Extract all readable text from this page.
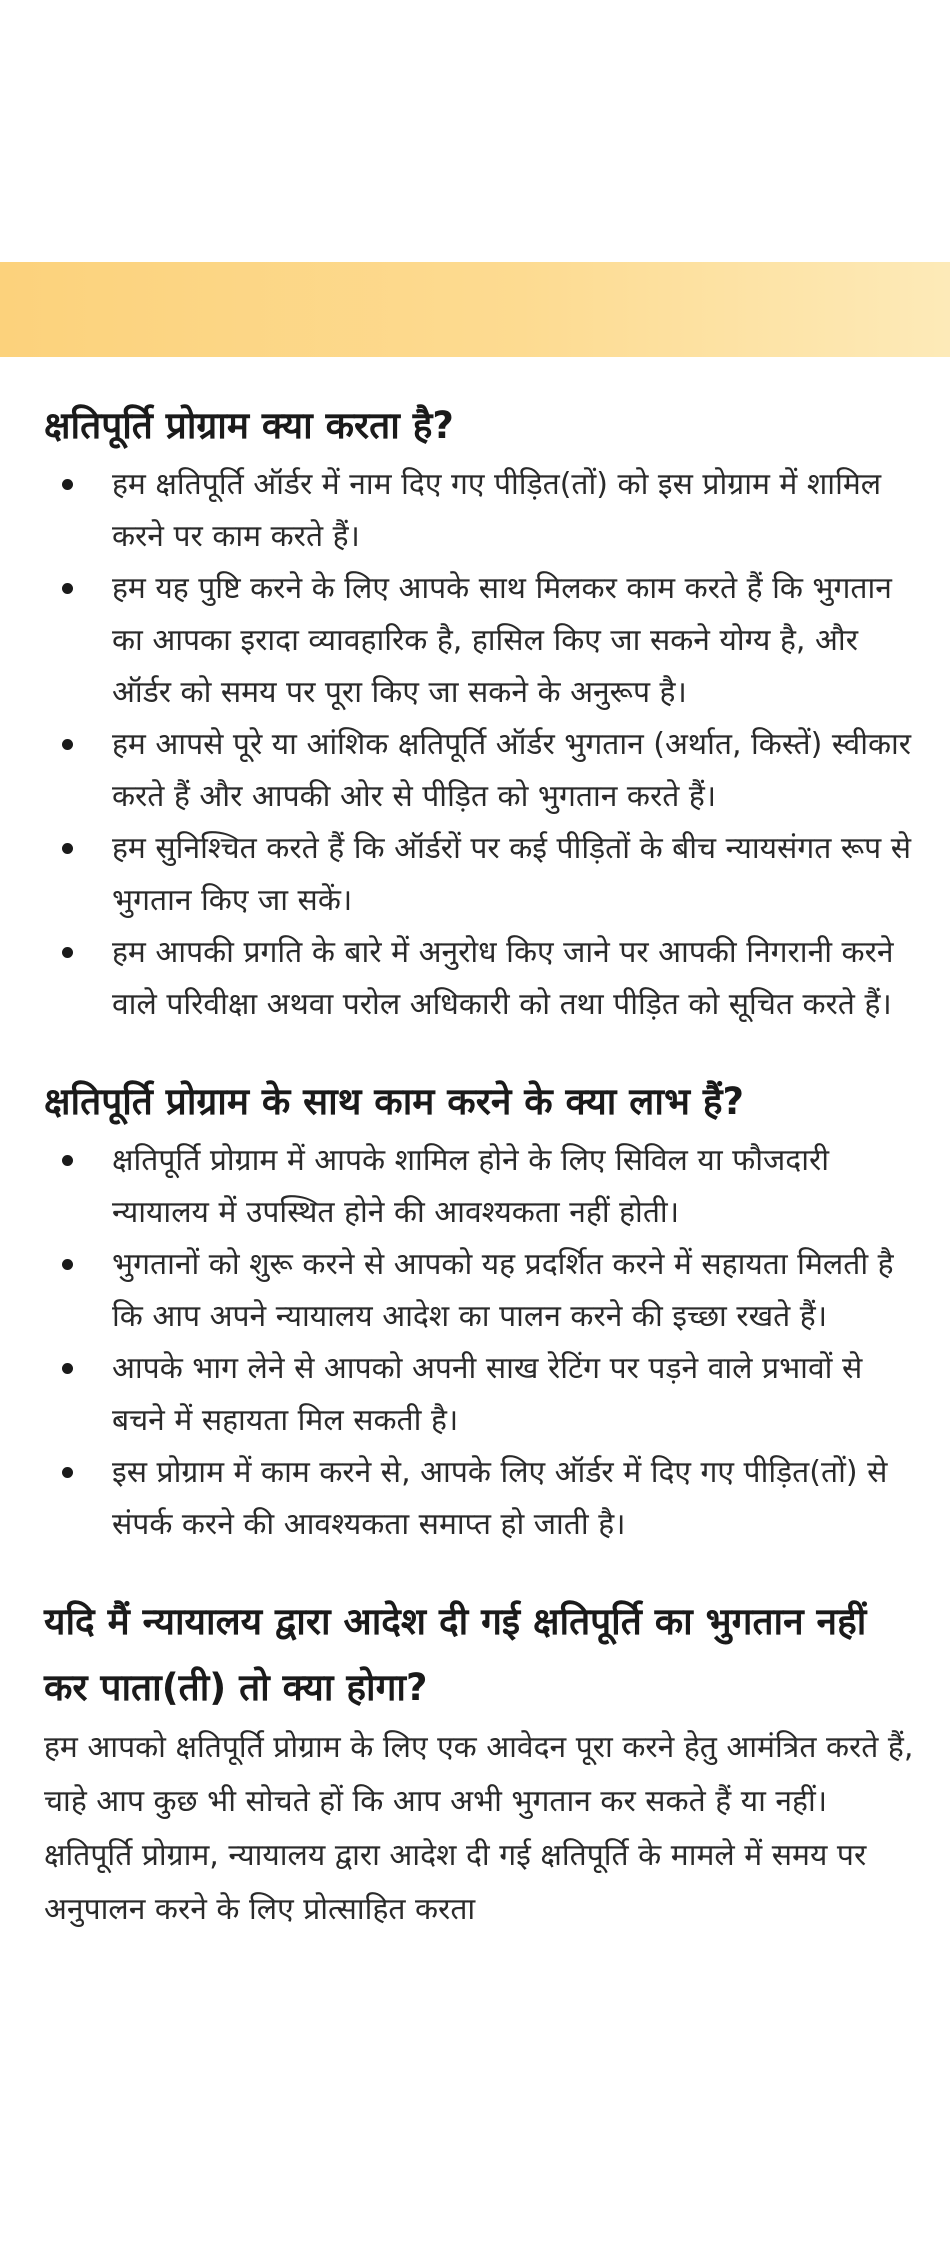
क्षतिपूर्ति प्रोग्राम क्या करता है?
हम क्षतिपूर्ति ऑर्डर में नाम दिए गए पीड़ित(तों) को इस प्रोग्राम में शामिल करने पर काम करते हैं।
हम यह पुष्टि करने के लिए आपके साथ मिलकर काम करते हैं कि भुगतान का आपका इरादा व्यावहारिक है, हासिल किए जा सकने योग्य है, और ऑर्डर को समय पर पूरा किए जा सकने के अनुरूप है।
हम आपसे पूरे या आंशिक क्षतिपूर्ति ऑर्डर भुगतान (अर्थात, किस्तें) स्वीकार करते हैं और आपकी ओर से पीड़ित को भुगतान करते हैं।
हम सुनिश्चित करते हैं कि ऑर्डरों पर कई पीड़ितों के बीच न्यायसंगत रूप से भुगतान किए जा सकें।
हम आपकी प्रगति के बारे में अनुरोध किए जाने पर आपकी निगरानी करने वाले परिवीक्षा अथवा परोल अधिकारी को तथा पीड़ित को सूचित करते हैं।
क्षतिपूर्ति प्रोग्राम के साथ काम करने के क्या लाभ हैं?
क्षतिपूर्ति प्रोग्राम में आपके शामिल होने के लिए सिविल या फौजदारी न्यायालय में उपस्थित होने की आवश्यकता नहीं होती।
भुगतानों को शुरू करने से आपको यह प्रदर्शित करने में सहायता मिलती है कि आप अपने न्यायालय आदेश का पालन करने की इच्छा रखते हैं।
आपके भाग लेने से आपको अपनी साख रेटिंग पर पड़ने वाले प्रभावों से बचने में सहायता मिल सकती है।
इस प्रोग्राम में काम करने से, आपके लिए ऑर्डर में दिए गए पीड़ित(तों) से संपर्क करने की आवश्यकता समाप्त हो जाती है।
यदि मैं न्यायालय द्वारा आदेश दी गई क्षतिपूर्ति का भुगतान नहीं कर पाता(ती) तो क्या होगा?

हम आपको क्षतिपूर्ति प्रोग्राम के लिए एक आवेदन पूरा करने हेतु आमंत्रित करते हैं, चाहे आप कुछ भी सोचते हों कि आप अभी भुगतान कर सकते हैं या नहीं। क्षतिपूर्ति प्रोग्राम, न्यायालय द्वारा आदेश दी गई क्षतिपूर्ति के मामले में समय पर अनुपालन करने के लिए प्रोत्साहित करता
